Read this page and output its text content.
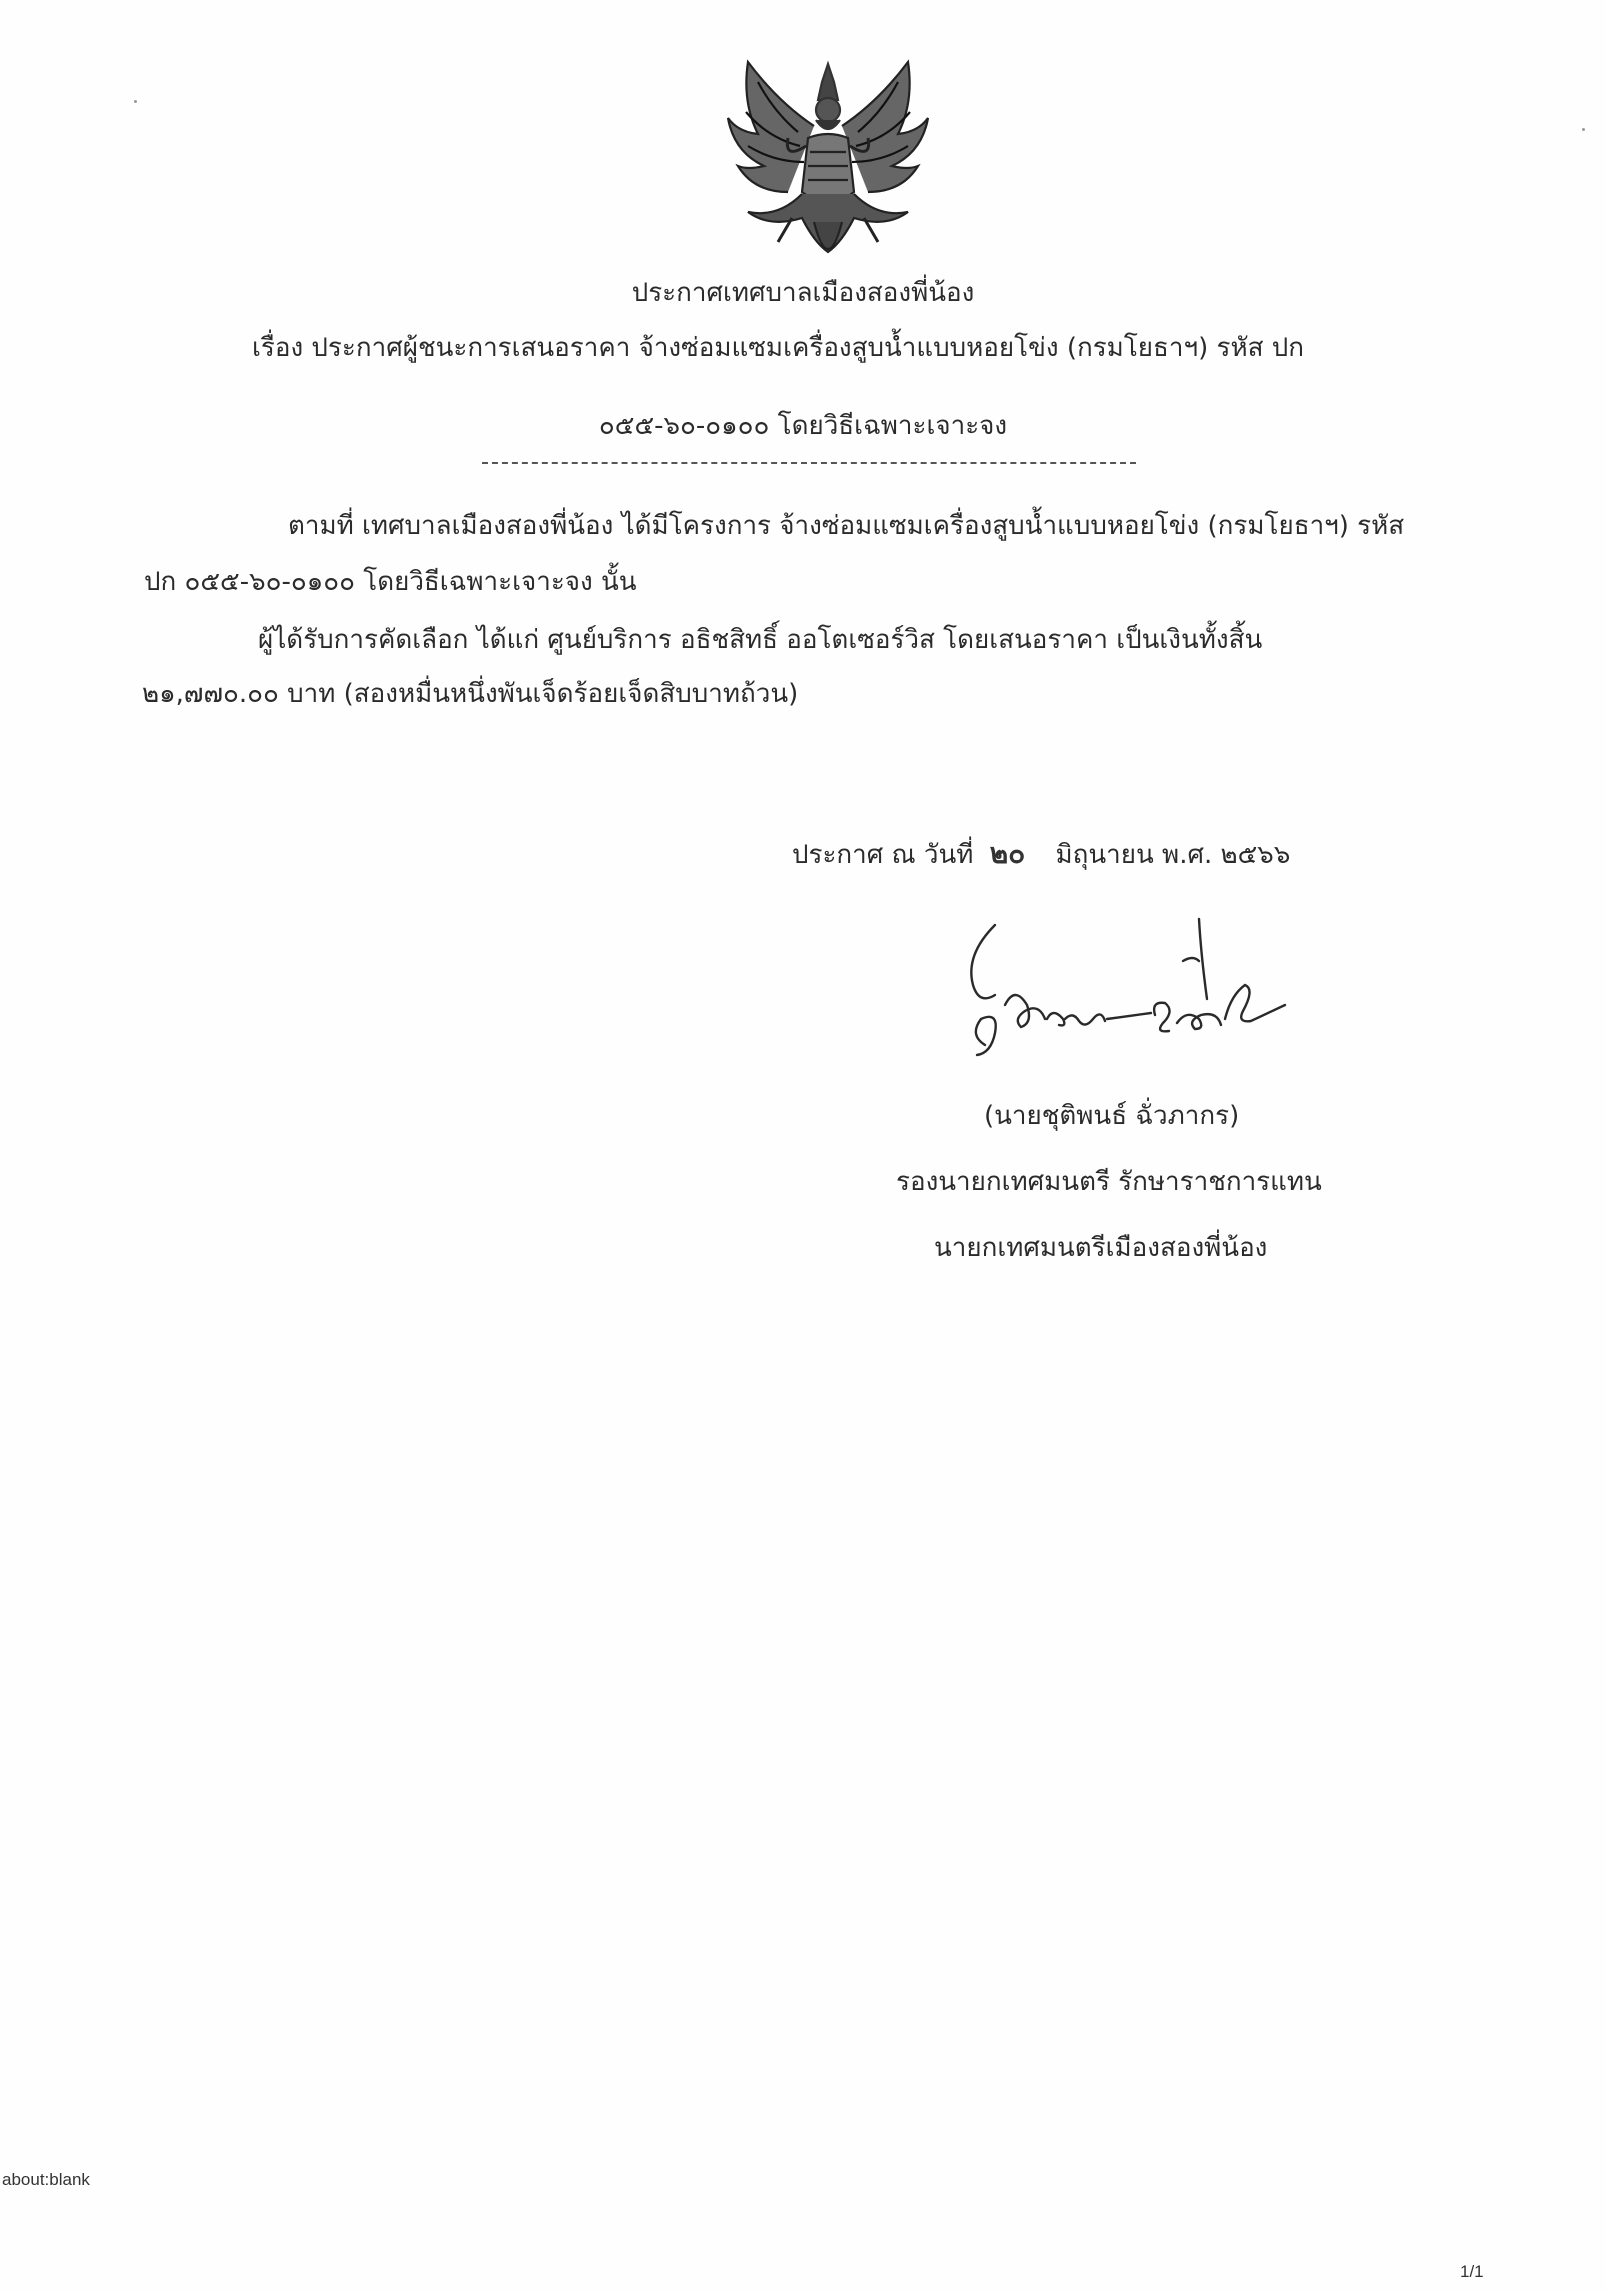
ประกาศเทศบาลเมืองสองพี่น้อง
เรื่อง ประกาศผู้ชนะการเสนอราคา จ้างซ่อมแซมเครื่องสูบน้ำแบบหอยโข่ง (กรมโยธาฯ) รหัส ปก
๐๕๕-๖๐-๐๑๐๐ โดยวิธีเฉพาะเจาะจง
ตามที่ เทศบาลเมืองสองพี่น้อง ได้มีโครงการ จ้างซ่อมแซมเครื่องสูบน้ำแบบหอยโข่ง (กรมโยธาฯ) รหัส
ปก ๐๕๕-๖๐-๐๑๐๐ โดยวิธีเฉพาะเจาะจง นั้น
ผู้ได้รับการคัดเลือก ได้แก่ ศูนย์บริการ อธิชสิทธิ์ ออโตเซอร์วิส โดยเสนอราคา เป็นเงินทั้งสิ้น
๒๑,๗๗๐.๐๐ บาท (สองหมื่นหนึ่งพันเจ็ดร้อยเจ็ดสิบบาทถ้วน)
ประกาศ ณ วันที่ ๒๐ มิถุนายน พ.ศ. ๒๕๖๖
(นายชุติพนธ์ ฉั่วภากร)
รองนายกเทศมนตรี รักษาราชการแทน
นายกเทศมนตรีเมืองสองพี่น้อง
about:blank
1/1
